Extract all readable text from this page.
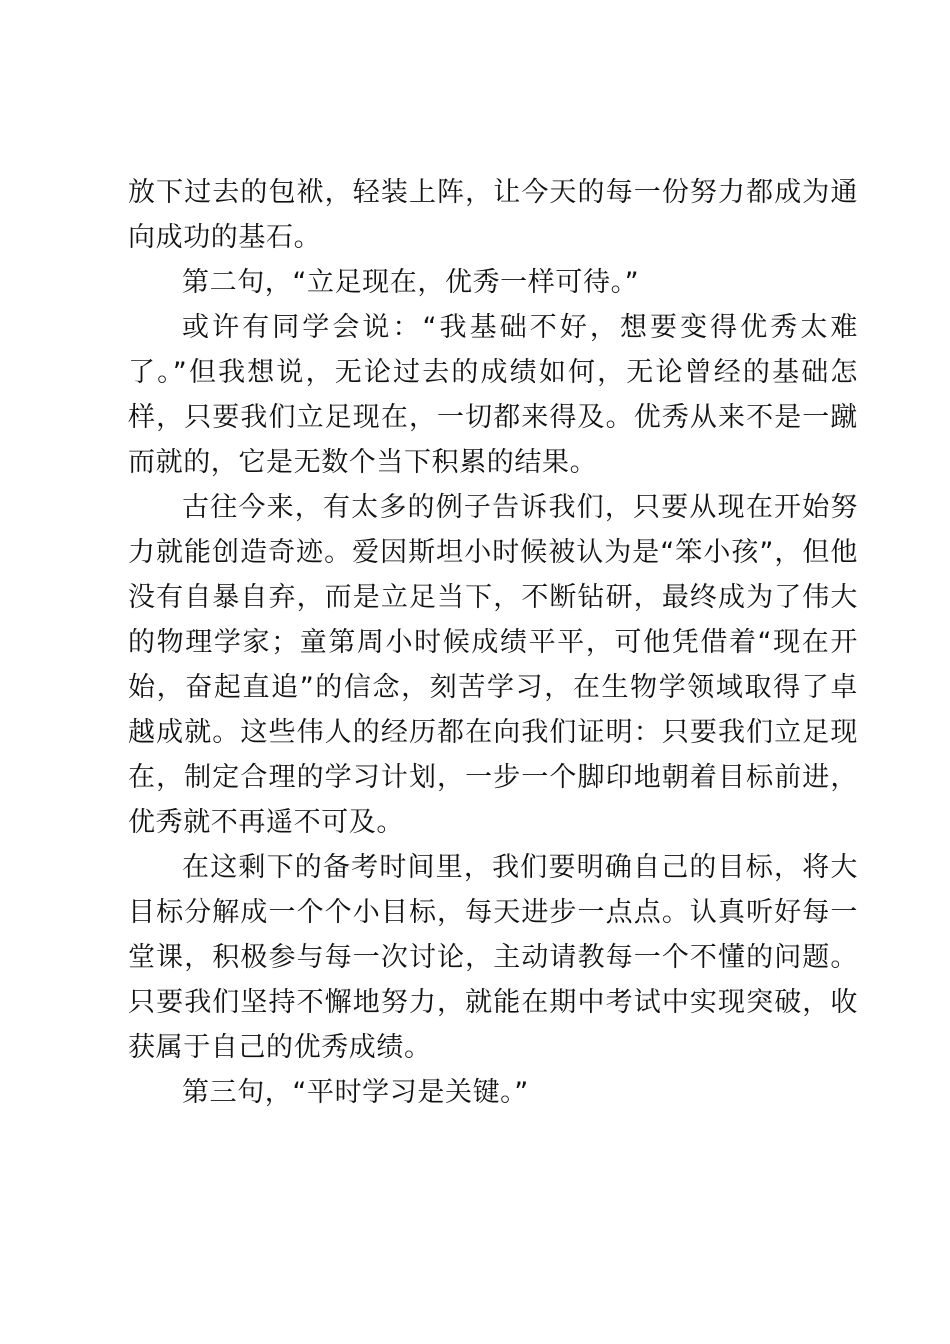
放下过去的包袱，轻装上阵，让今天的每一份努力都成为通向成功的基石。

第二句，“立足现在，优秀一样可待。”

或许有同学会说：“我基础不好，想要变得优秀太难了。”但我想说，无论过去的成绩如何，无论曾经的基础怎样，只要我们立足现在，一切都来得及。优秀从来不是一蹴而就的，它是无数个当下积累的结果。

古往今来，有太多的例子告诉我们，只要从现在开始努力就能创造奇迹。爱因斯坦小时候被认为是“笨小孩”，但他没有自暴自弃，而是立足当下，不断钻研，最终成为了伟大的物理学家；童第周小时候成绩平平，可他凭借着“现在开始，奋起直追”的信念，刻苦学习，在生物学领域取得了卓越成就。这些伟人的经历都在向我们证明：只要我们立足现在，制定合理的学习计划，一步一个脚印地朝着目标前进，优秀就不再遥不可及。

在这剩下的备考时间里，我们要明确自己的目标，将大目标分解成一个个小目标，每天进步一点点。认真听好每一堂课，积极参与每一次讨论，主动请教每一个不懂的问题。只要我们坚持不懈地努力，就能在期中考试中实现突破，收获属于自己的优秀成绩。

第三句，“平时学习是关键。”
